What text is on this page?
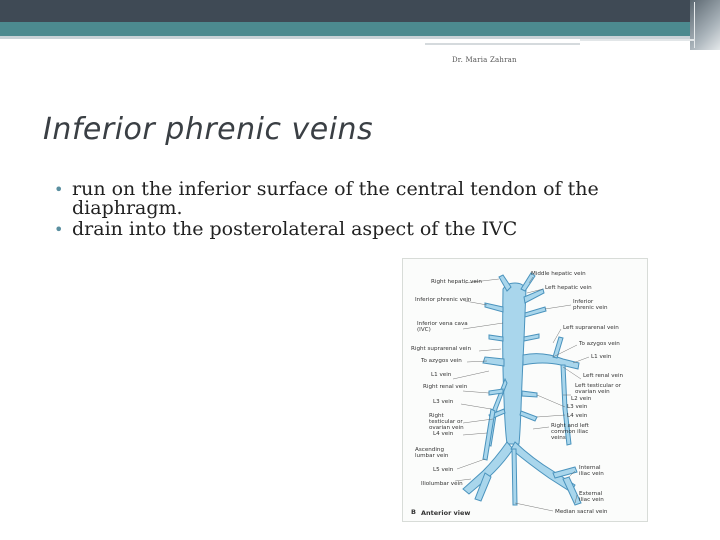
Dr. Maria Zahran
Inferior phrenic veins
• run on the inferior surface of the central tendon of the diaphragm.
• drain into the posterolateral aspect of the IVC
Right hepatic vein
Inferior phrenic vein
Inferior vena cava (IVC)
Right suprarenal vein
To azygos vein
L1 vein
Right renal vein
L3 vein
Right testicular or ovarian vein
L4 vein
Ascending lumbar vein
L5 vein
Iliolumbar vein
Middle hepatic vein
Left hepatic vein
Inferior phrenic vein
Left suprarenal vein
To azygos vein
L1 vein
Left renal vein
Left testicular or ovarian vein
L3 vein
L2 vein
L4 vein
Right and left common iliac veins
Internal iliac vein
External iliac vein
Median sacral vein
B Anterior view
